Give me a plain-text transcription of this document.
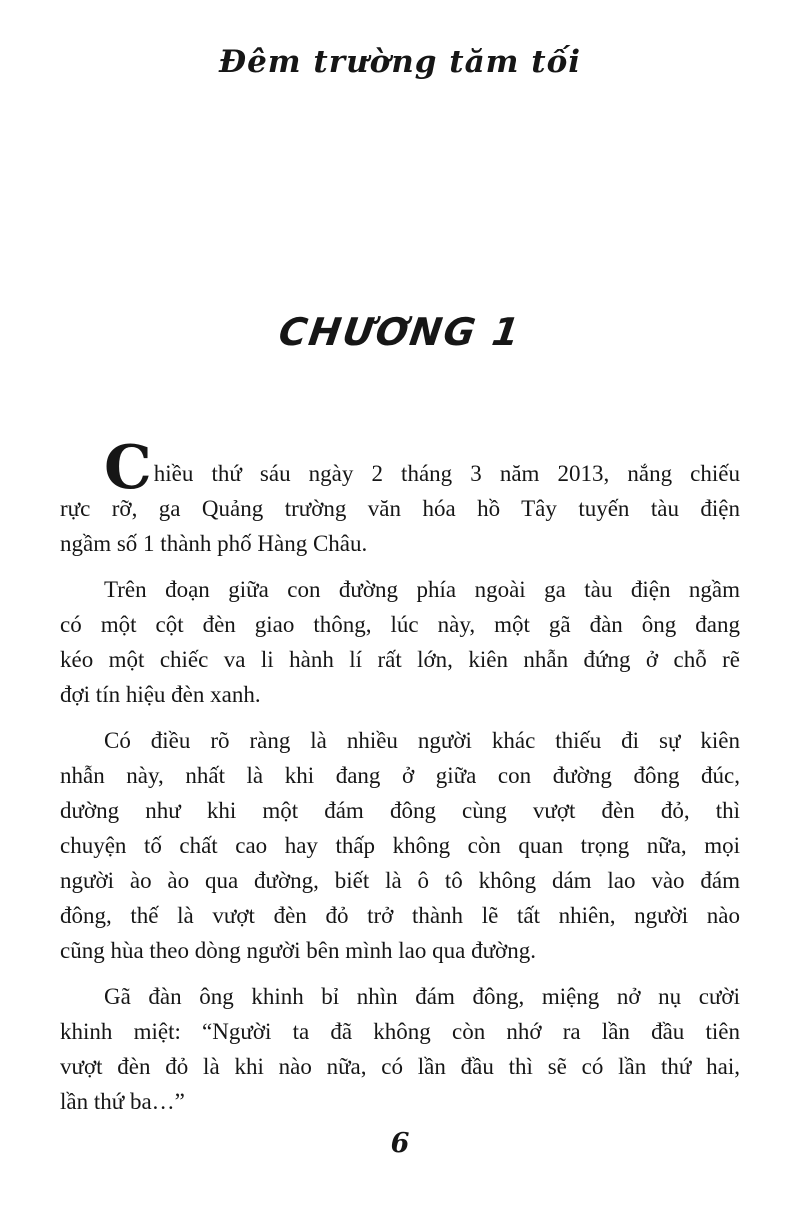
Đêm trường tăm tối
CHƯƠNG 1
Chiều thứ sáu ngày 2 tháng 3 năm 2013, nắng chiếu
rực rỡ, ga Quảng trường văn hóa hồ Tây tuyến tàu điện
ngầm số 1 thành phố Hàng Châu.
Trên đoạn giữa con đường phía ngoài ga tàu điện ngầm
có một cột đèn giao thông, lúc này, một gã đàn ông đang
kéo một chiếc va li hành lí rất lớn, kiên nhẫn đứng ở chỗ rẽ
đợi tín hiệu đèn xanh.
Có điều rõ ràng là nhiều người khác thiếu đi sự kiên
nhẫn này, nhất là khi đang ở giữa con đường đông đúc,
dường như khi một đám đông cùng vượt đèn đỏ, thì
chuyện tố chất cao hay thấp không còn quan trọng nữa, mọi
người ào ào qua đường, biết là ô tô không dám lao vào đám
đông, thế là vượt đèn đỏ trở thành lẽ tất nhiên, người nào
cũng hùa theo dòng người bên mình lao qua đường.
Gã đàn ông khinh bỉ nhìn đám đông, miệng nở nụ cười
khinh miệt: “Người ta đã không còn nhớ ra lần đầu tiên
vượt đèn đỏ là khi nào nữa, có lần đầu thì sẽ có lần thứ hai,
lần thứ ba…”
6
